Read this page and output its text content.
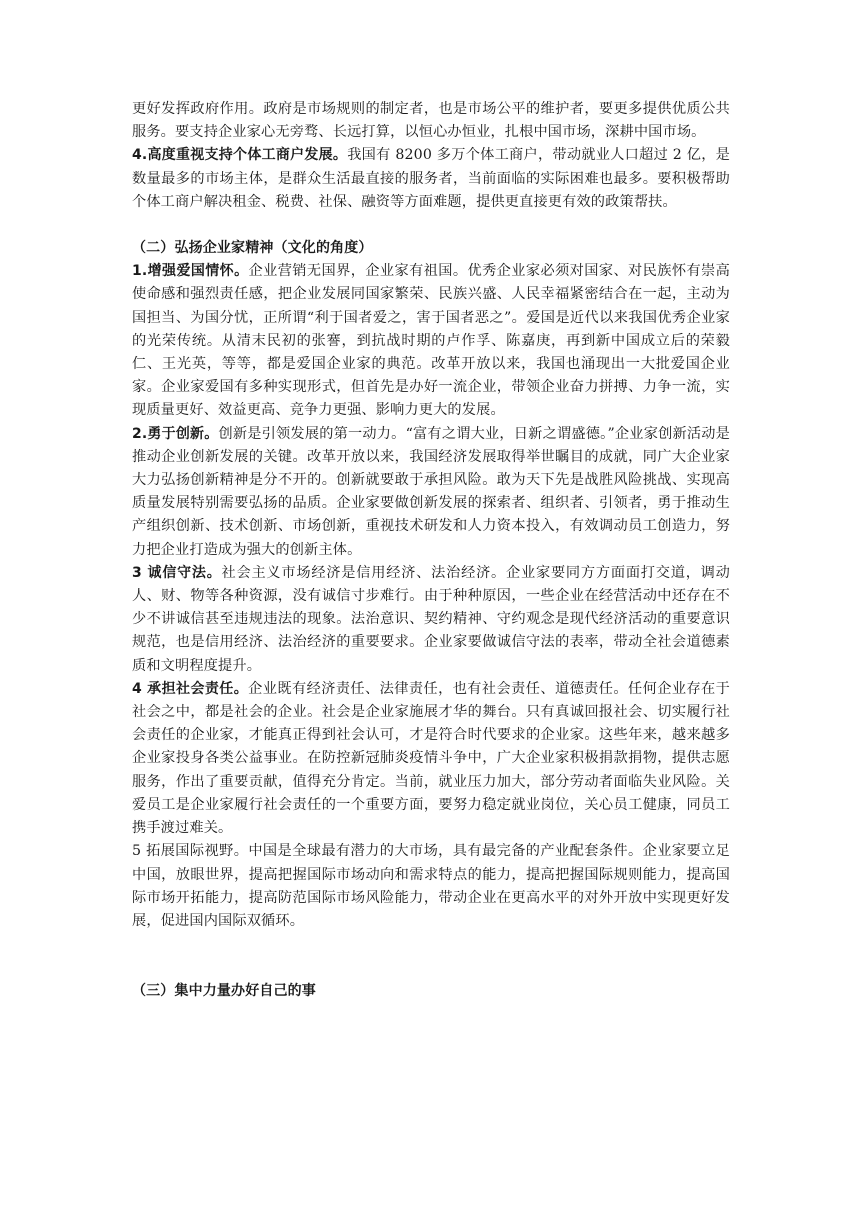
更好发挥政府作用。政府是市场规则的制定者，也是市场公平的维护者，要更多提供优质公共服务。要支持企业家心无旁骛、长远打算，以恒心办恒业，扎根中国市场，深耕中国市场。

4.高度重视支持个体工商户发展。我国有 8200 多万个体工商户，带动就业人口超过 2 亿，是数量最多的市场主体，是群众生活最直接的服务者，当前面临的实际困难也最多。要积极帮助个体工商户解决租金、税费、社保、融资等方面难题，提供更直接更有效的政策帮扶。

（二）弘扬企业家精神（文化的角度）

1.增强爱国情怀。企业营销无国界，企业家有祖国。优秀企业家必须对国家、对民族怀有崇高使命感和强烈责任感，把企业发展同国家繁荣、民族兴盛、人民幸福紧密结合在一起，主动为国担当、为国分忧，正所谓“利于国者爱之，害于国者恶之”。爱国是近代以来我国优秀企业家的光荣传统。从清末民初的张謇，到抗战时期的卢作孚、陈嘉庚，再到新中国成立后的荣毅仁、王光英，等等，都是爱国企业家的典范。改革开放以来，我国也涌现出一大批爱国企业家。企业家爱国有多种实现形式，但首先是办好一流企业，带领企业奋力拼搏、力争一流，实现质量更好、效益更高、竞争力更强、影响力更大的发展。

2.勇于创新。创新是引领发展的第一动力。“富有之谓大业，日新之谓盛德。”企业家创新活动是推动企业创新发展的关键。改革开放以来，我国经济发展取得举世瞩目的成就，同广大企业家大力弘扬创新精神是分不开的。创新就要敢于承担风险。敢为天下先是战胜风险挑战、实现高质量发展特别需要弘扬的品质。企业家要做创新发展的探索者、组织者、引领者，勇于推动生产组织创新、技术创新、市场创新，重视技术研发和人力资本投入，有效调动员工创造力，努力把企业打造成为强大的创新主体。

3 诚信守法。社会主义市场经济是信用经济、法治经济。企业家要同方方面面打交道，调动人、财、物等各种资源，没有诚信寸步难行。由于种种原因，一些企业在经营活动中还存在不少不讲诚信甚至违规违法的现象。法治意识、契约精神、守约观念是现代经济活动的重要意识规范，也是信用经济、法治经济的重要要求。企业家要做诚信守法的表率，带动全社会道德素质和文明程度提升。

4 承担社会责任。企业既有经济责任、法律责任，也有社会责任、道德责任。任何企业存在于社会之中，都是社会的企业。社会是企业家施展才华的舞台。只有真诚回报社会、切实履行社会责任的企业家，才能真正得到社会认可，才是符合时代要求的企业家。这些年来，越来越多企业家投身各类公益事业。在防控新冠肺炎疫情斗争中，广大企业家积极捐款捐物，提供志愿服务，作出了重要贡献，值得充分肯定。当前，就业压力加大，部分劳动者面临失业风险。关爱员工是企业家履行社会责任的一个重要方面，要努力稳定就业岗位，关心员工健康，同员工携手渡过难关。

5 拓展国际视野。中国是全球最有潜力的大市场，具有最完备的产业配套条件。企业家要立足中国，放眼世界，提高把握国际市场动向和需求特点的能力，提高把握国际规则能力，提高国际市场开拓能力，提高防范国际市场风险能力，带动企业在更高水平的对外开放中实现更好发展，促进国内国际双循环。

（三）集中力量办好自己的事
